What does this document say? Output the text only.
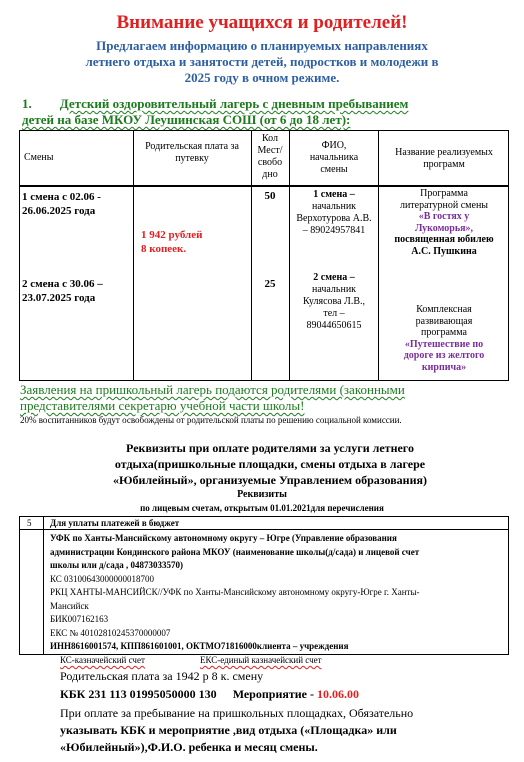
Внимание учащихся и родителей!
Предлагаем информацию о планируемых направлениях
летнего отдыха и занятости детей, подростков и молодежи в
2025 году в очном режиме.
1. Детский оздоровительный лагерь с дневным пребыванием
детей на базе МКОУ Леушинская СОШ (от 6 до 18 лет):
Смены
Родительская плата за путевку
Кол
Мест/
свобо
дно
ФИО,
начальника
смены
Название реализуемых
программ
1 смена с 02.06 -
26.06.2025 года
50	1 смена –
начальник
Верхотурова А.В.
– 89024957841
Программа
литературной смены
«В гостях у
Лукоморья»,
посвященная юбилею
А.С. Пушкина
1 942 рублей
8 копеек.
2 смена с 30.06 –
23.07.2025 года
25
2 смена –
начальник
Кулясова Л.В.,
тел –
89044650615
Комплексная
развивающая
программа
«Путешествие по
дороге из желтого
кирпича»
Заявления на пришкольный лагерь подаются родителями (законными
представителями секретарю учебной части школы!
20% воспитанников будут освобождены от родительской платы по решению социальной комиссии.
Реквизиты при оплате родителями за услуги летнего
отдыха(пришкольные площадки, смены отдыха в лагере
«Юбилейный», организуемые Управлением образования)
Реквизиты
по лицевым счетам, открытым 01.01.2021для перечисления
5 Для уплаты платежей в бюджет
УФК по Ханты-Мансийскому автономному округу – Югре (Управление образования
администрации Кондинского района МКОУ (наименование школы(д/сада) и лицевой счет
школы или д/сада , 04873033570)
КС 03100643000000018700
РКЦ ХАНТЫ-МАНСИЙСК//УФК по Ханты-Мансийскому автономному округу-Югре г. Ханты-
Мансийск
БИК007162163
ЕКС № 40102810245370000007
ИНН8616001574, КПП861601001, ОКТМО71816000клиента – учреждения
КС-казначейский счет	ЕКС-единый казначейский счет
Родительская плата за 1942 р 8 к. смену
КБК 231 113 01995050000 130 Мероприятие - 10.06.00
При оплате за пребывание на пришкольных площадках, Обязательно
указывать КБК и мероприятие ,вид отдыха («Площадка» или
«Юбилейный»),Ф.И.О. ребенка и месяц смены.
